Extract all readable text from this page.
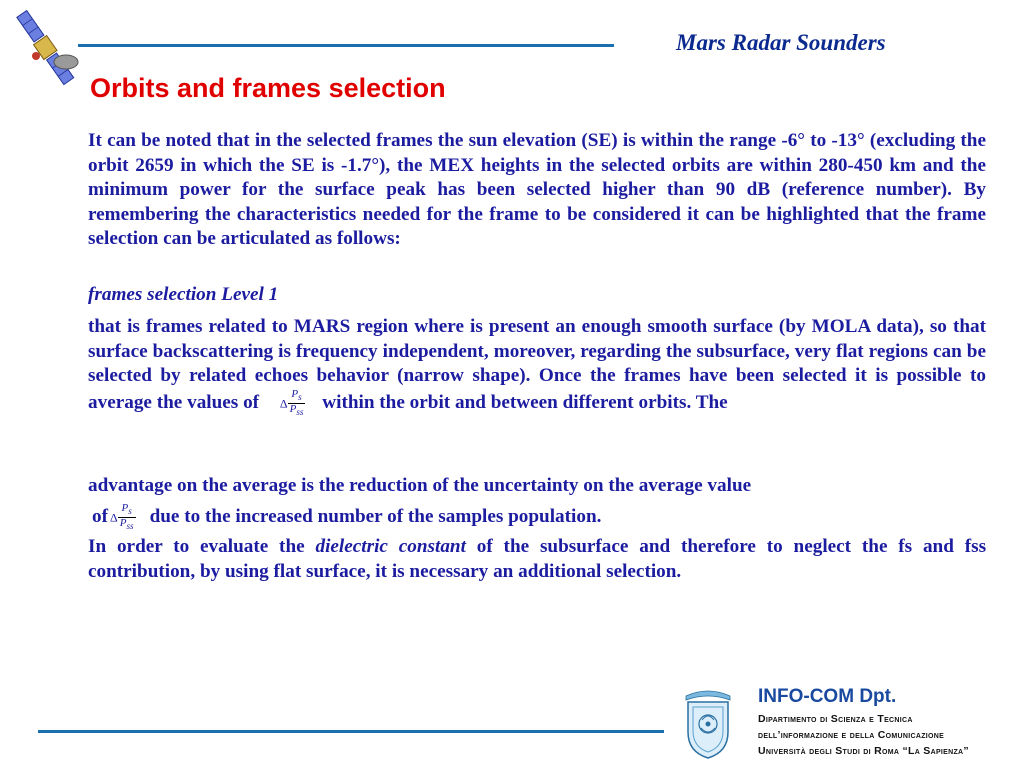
Mars Radar Sounders
Orbits and frames selection
It can be noted that in the selected frames the sun elevation (SE) is within the range -6° to -13° (excluding the orbit 2659 in which the SE is -1.7°), the MEX heights in the selected orbits are within 280-450 km and the minimum power for the surface peak has been selected higher than 90 dB (reference number). By remembering the characteristics needed for the frame to be considered it can be highlighted that the frame selection can be articulated as follows:
frames selection Level 1
that is frames related to MARS region where is present an enough smooth surface (by MOLA data), so that surface backscattering is frequency independent, moreover, regarding the subsurface, very flat regions can be selected by related echoes behavior (narrow shape). Once the frames have been selected it is possible to average the values of Δ $\frac{P_s}{P_{ss}}$ within the orbit and between different orbits. The
advantage on the average is the reduction of the uncertainty on the average value
of Δ $\frac{P_s}{P_{ss}}$ due to the increased number of the samples population.
In order to evaluate the dielectric constant of the subsurface and therefore to neglect the fs and fss contribution, by using flat surface, it is necessary an additional selection.
INFO-COM Dpt.
Dipartimento di Scienza e Tecnica
dell’informazione e della Comunicazione
Università degli Studi di Roma “La Sapienza”
